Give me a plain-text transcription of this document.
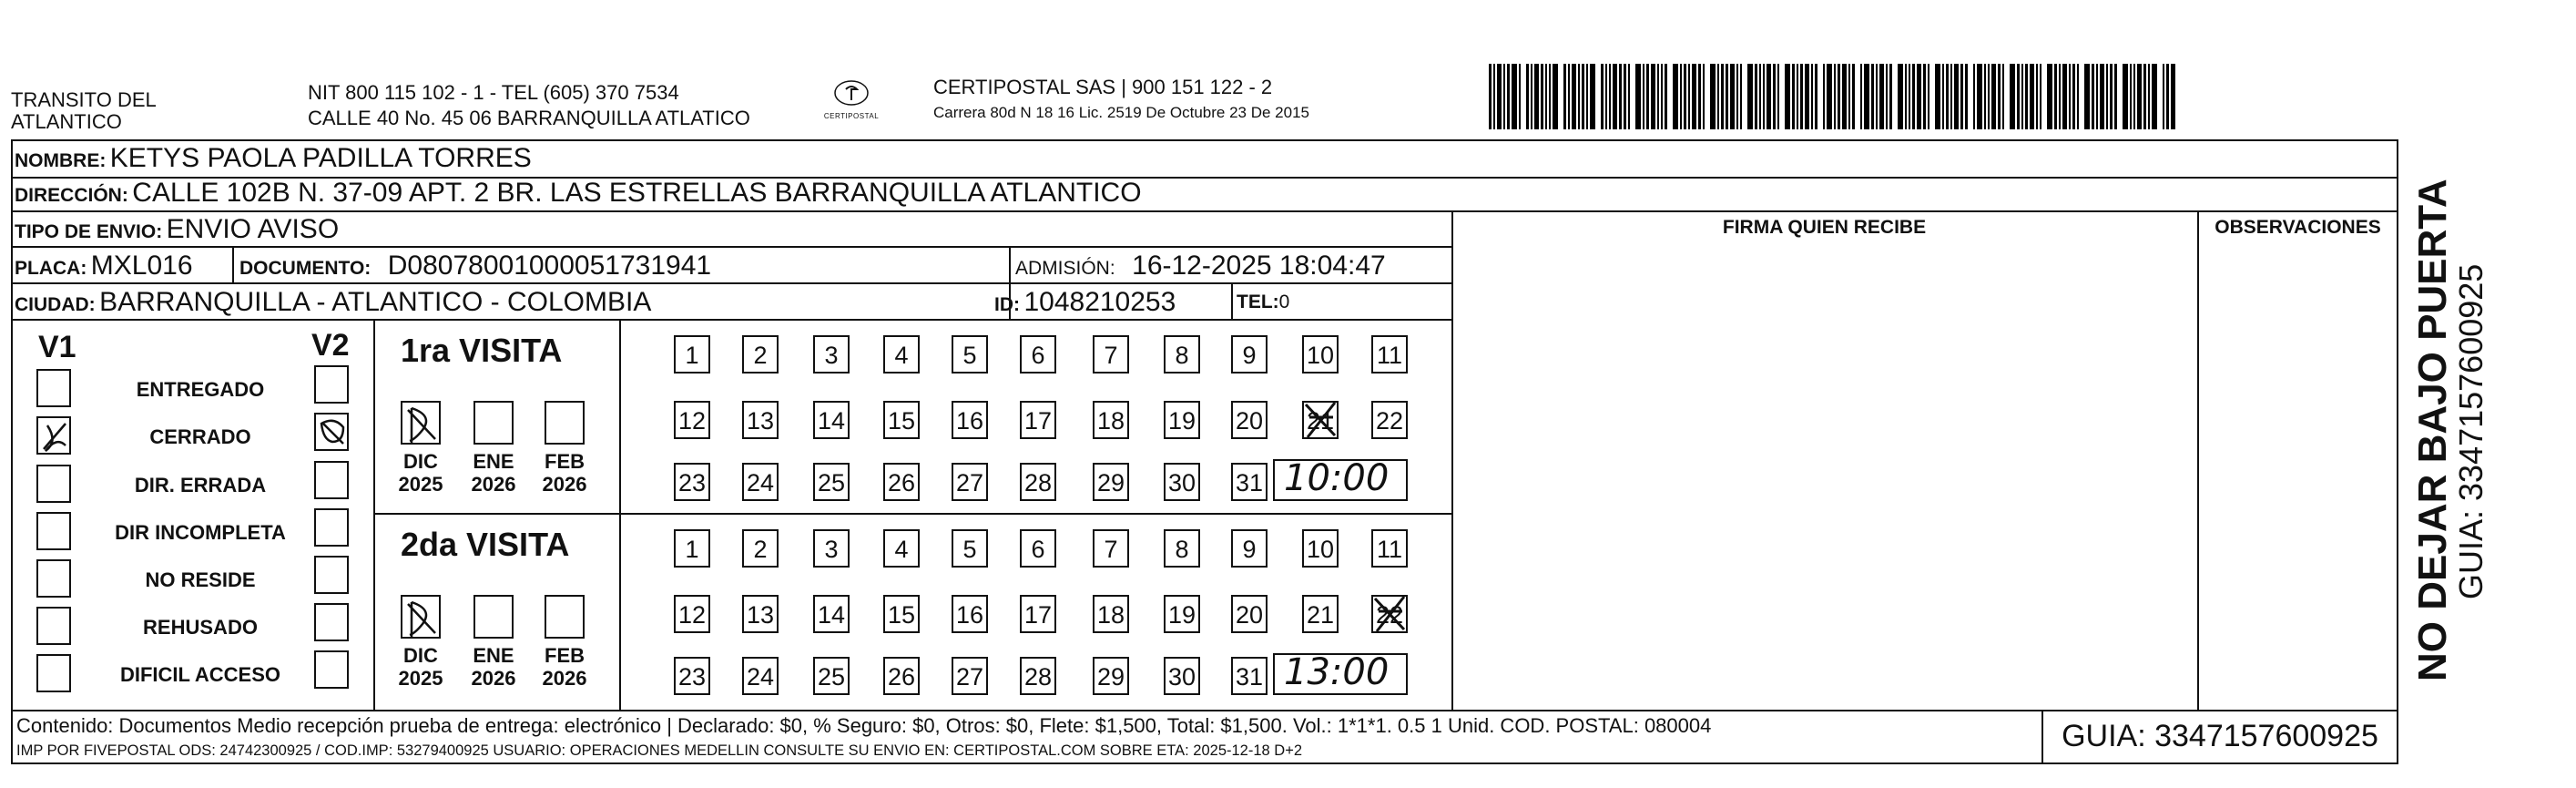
TRANSITO DEL
ATLANTICO
NIT 800 115 102 - 1 - TEL (605) 370 7534
CALLE 40 No. 45 06 BARRANQUILLA ATLATICO	CERTIPOSTAL
CERTIPOSTAL SAS | 900 151 122 - 2
Carrera 80d N 18 16 Lic. 2519 De Octubre 23 De 2015
NOMBRE: KETYS PAOLA PADILLA TORRES
DIRECCIÓN: CALLE 102B N. 37-09 APT. 2 BR. LAS ESTRELLAS BARRANQUILLA ATLANTICO
TIPO DE ENVIO: ENVIO AVISO
PLACA: MXL016 DOCUMENTO: D08078001000051731941	ADMISIÓN: 16-12-2025 18:04:47
CIUDAD: BARRANQUILLA - ATLANTICO - COLOMBIA	ID: 1048210253	TEL:0
FIRMA QUIEN RECIBE	OBSERVACIONES
V1	V2
ENTREGADO
CERRADO
DIR. ERRADA
DIR INCOMPLETA
NO RESIDE
REHUSADO
DIFICIL ACCESO
1ra VISITA
DIC
2025
ENE
2026
FEB
2026
1	2	3	4	5	6	7	8	9	10 11
12 13 14 15 16 17 18 19 20 21 22
23 24 25 26 27 28 29 30 31 10:00
2da VISITA
DIC
2025
ENE
2026
FEB
2026
1	2	3	4	5	6	7	8	9	10 11
12 13 14 15 16 17 18 19 20 21 22
23 24 25 26 27 28 29 30 31 13:00
Contenido: Documentos Medio recepción prueba de entrega: electrónico | Declarado: $0, % Seguro: $0, Otros: $0, Flete: $1,500, Total: $1,500. Vol.: 1*1*1. 0.5 1 Unid. COD. POSTAL: 080004
IMP POR FIVEPOSTAL ODS: 24742300925 / COD.IMP: 53279400925 USUARIO: OPERACIONES MEDELLIN CONSULTE SU ENVIO EN: CERTIPOSTAL.COM SOBRE ETA: 2025-12-18 D+2	GUIA: 3347157600925
NO DEJAR BAJO PUERTA
GUIA: 3347157600925
